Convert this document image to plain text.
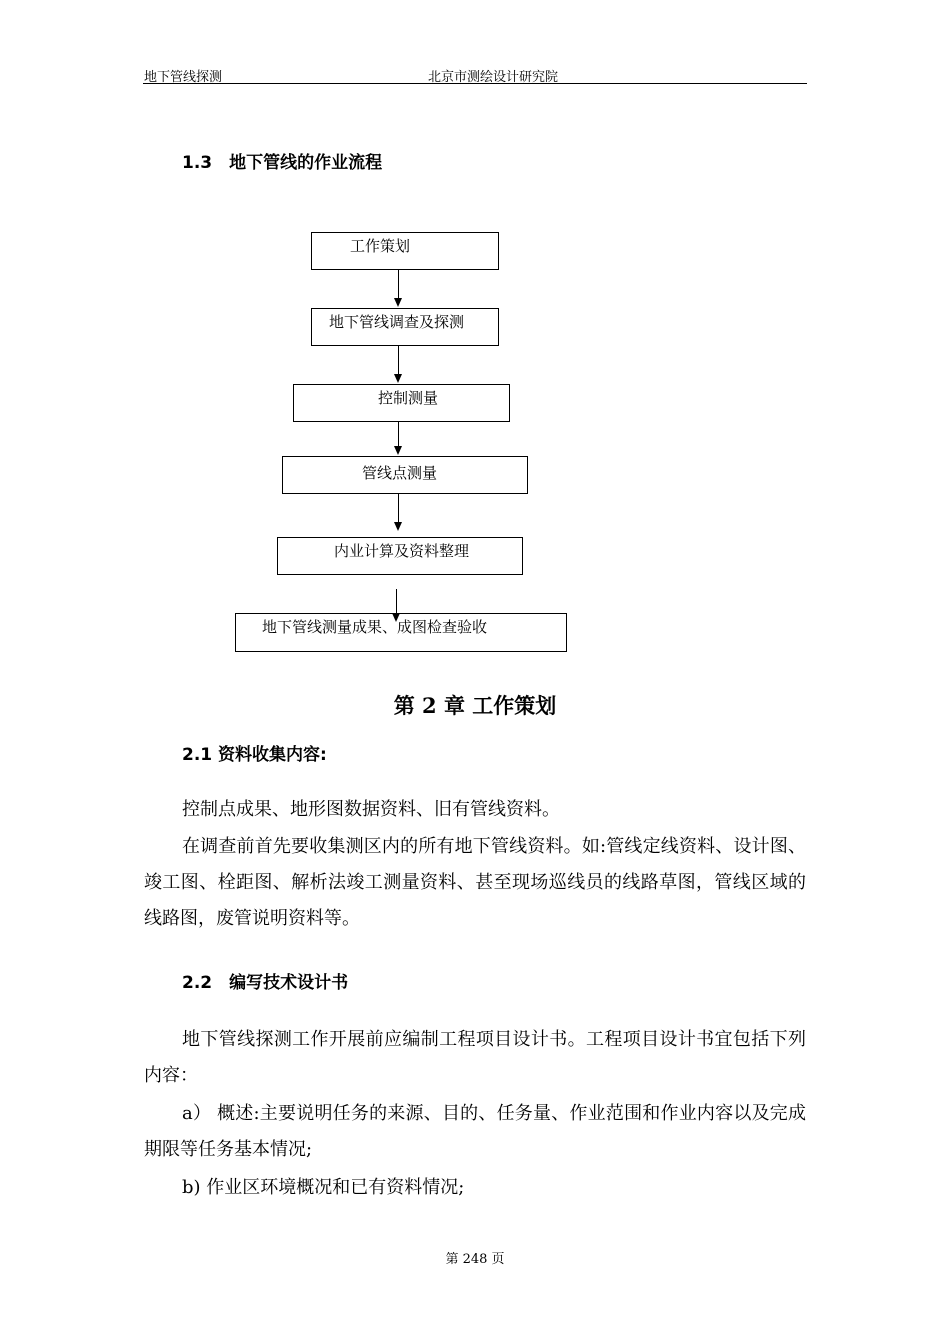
地下管线探测	北京市测绘设计研究院
1.3　地下管线的作业流程
工作策划
地下管线调查及探测
控制测量
管线点测量
内业计算及资料整理
地下管线测量成果、成图检查验收
第 2 章 工作策划
2.1 资料收集内容:

控制点成果、地形图数据资料、旧有管线资料。

在调查前首先要收集测区内的所有地下管线资料。如:管线定线资料、设计图、竣工图、栓距图、解析法竣工测量资料、甚至现场巡线员的线路草图，管线区域的线路图，废管说明资料等。

2.2　编写技术设计书

地下管线探测工作开展前应编制工程项目设计书。工程项目设计书宜包括下列内容：

a） 概述:主要说明任务的来源、目的、任务量、作业范围和作业内容以及完成期限等任务基本情况;

b) 作业区环境概况和已有资料情况;

第 248 页
